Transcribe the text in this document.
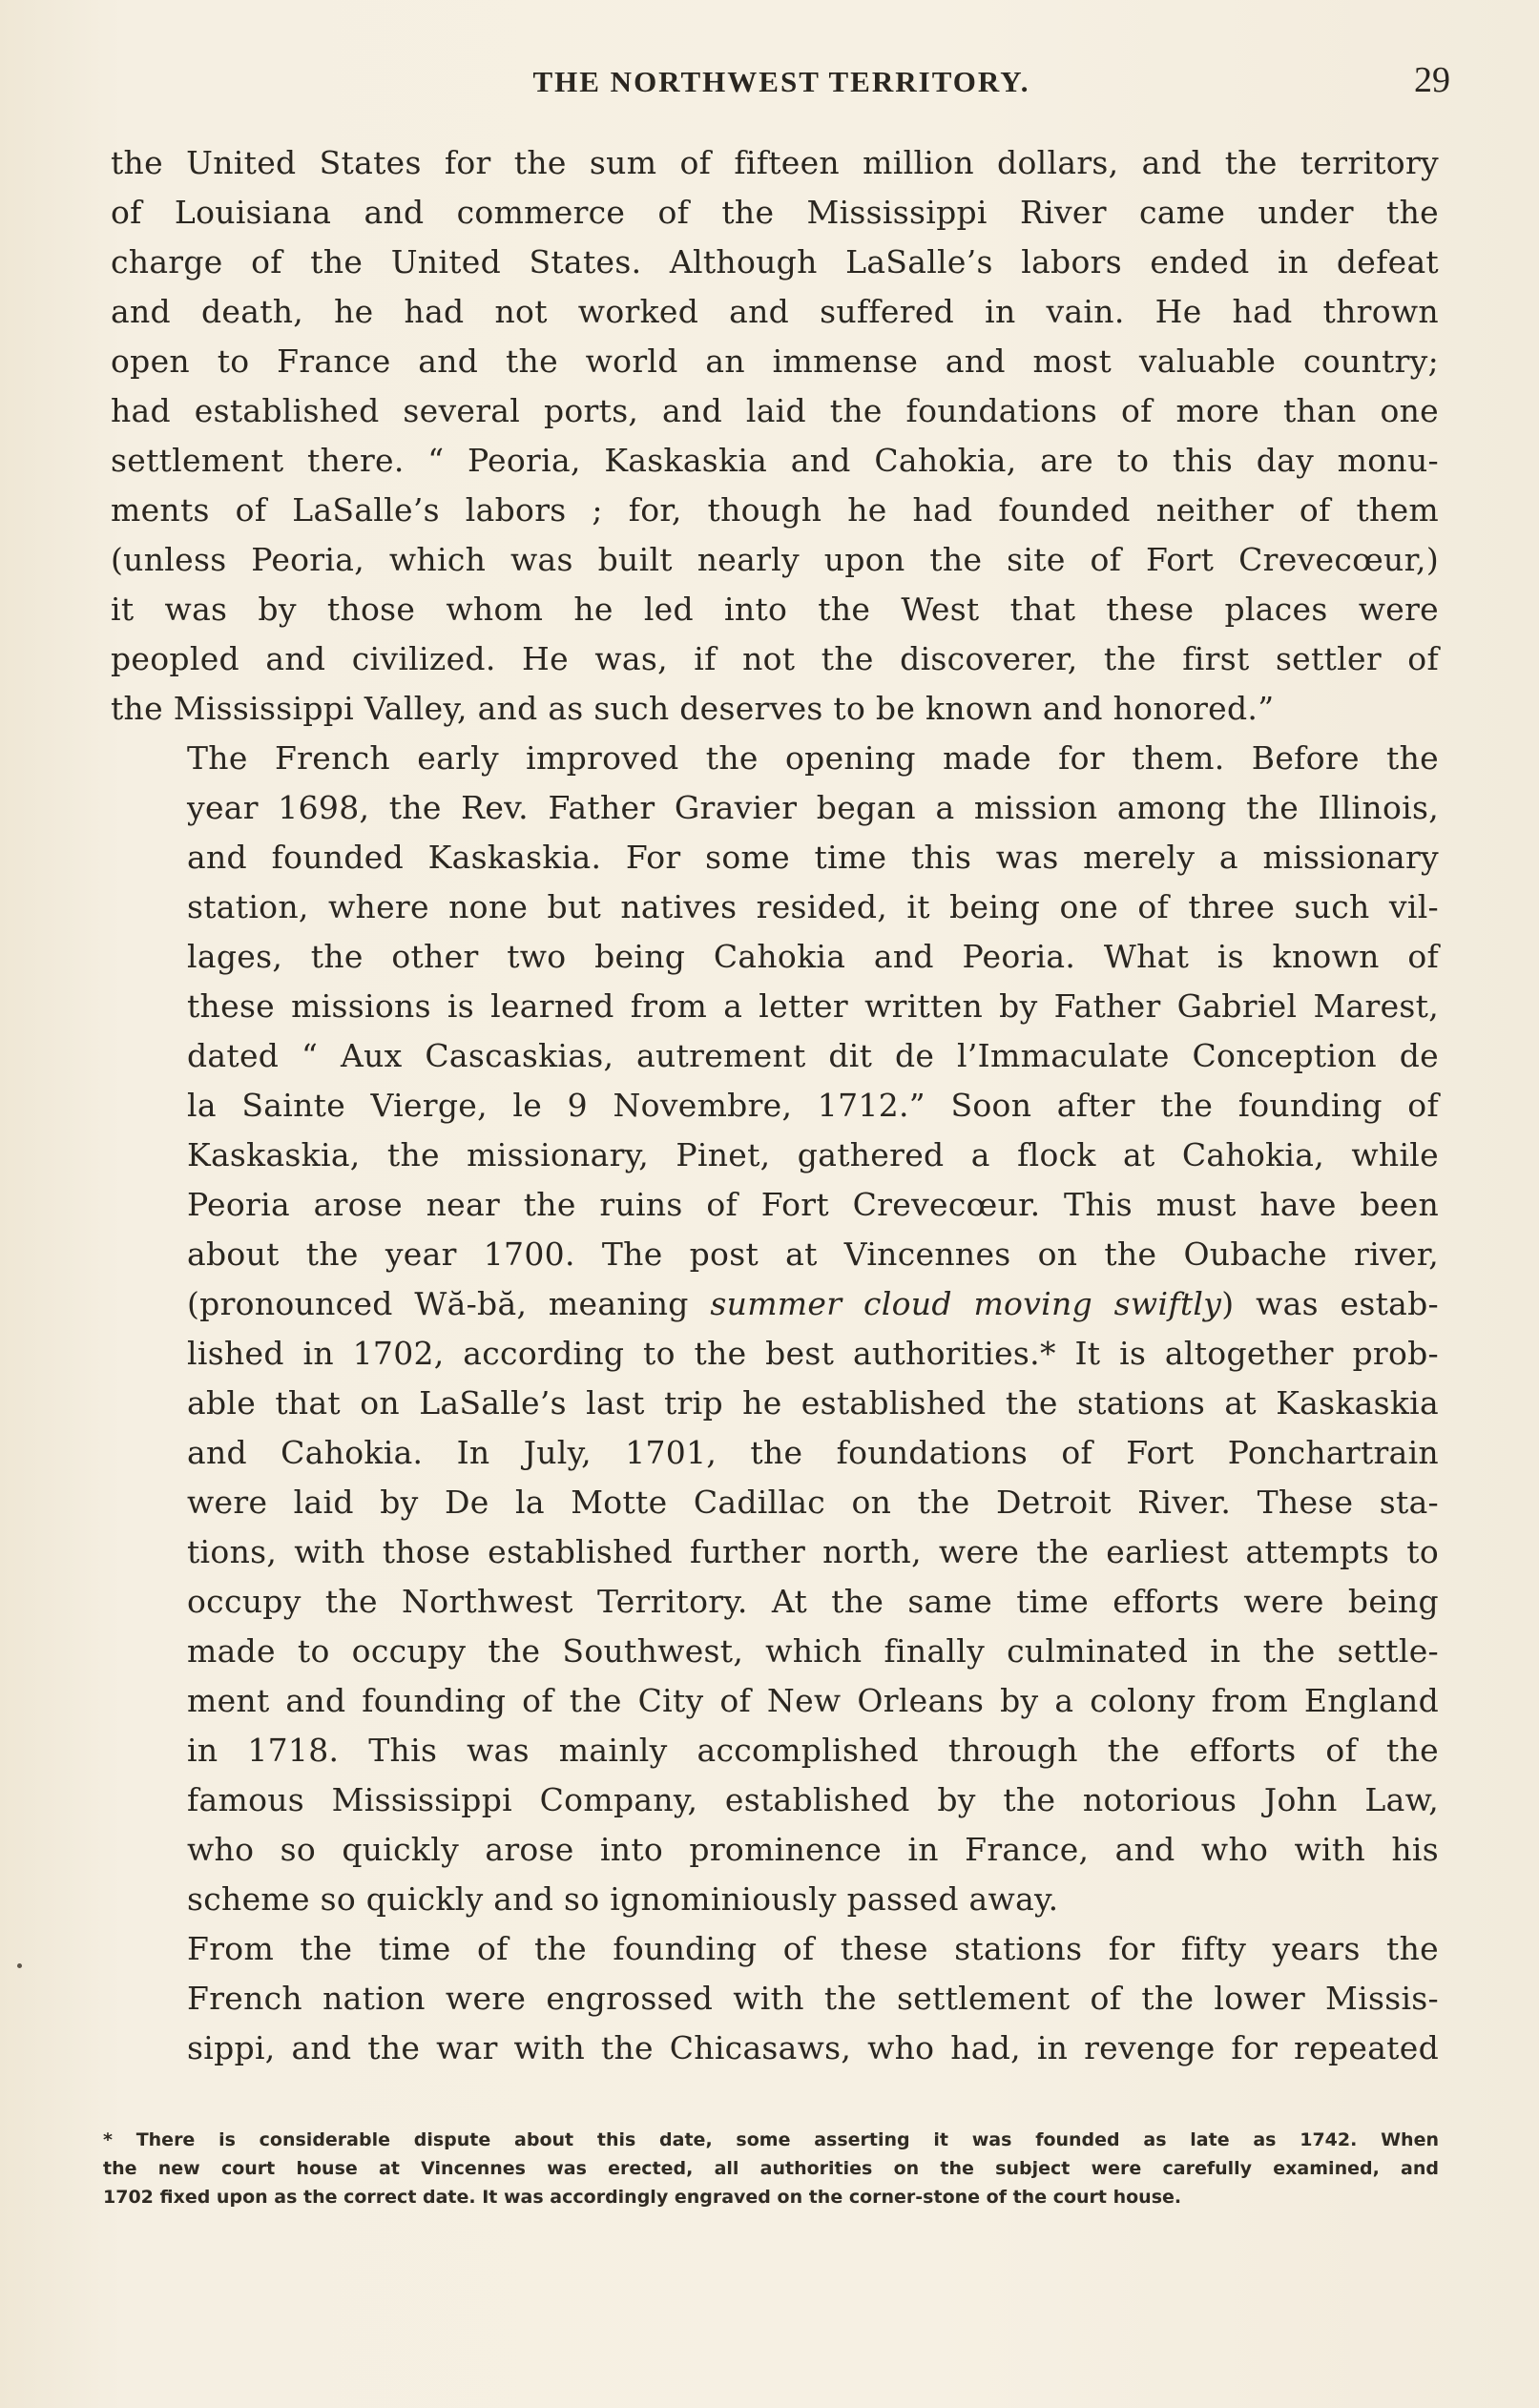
THE NORTHWEST TERRITORY.	29
the United States for the sum of fifteen million dollars, and the territory
of Louisiana and commerce of the Mississippi River came under the
charge of the United States. Although LaSalle’s labors ended in defeat
and death, he had not worked and suffered in vain. He had thrown
open to France and the world an immense and most valuable country;
had established several ports, and laid the foundations of more than one
settlement there. “ Peoria, Kaskaskia and Cahokia, are to this day monu-
ments of LaSalle’s labors ; for, though he had founded neither of them
(unless Peoria, which was built nearly upon the site of Fort Crevecœur,)
it was by those whom he led into the West that these places were
peopled and civilized. He was, if not the discoverer, the first settler of
the Mississippi Valley, and as such deserves to be known and honored.”
The French early improved the opening made for them. Before the
year 1698, the Rev. Father Gravier began a mission among the Illinois,
and founded Kaskaskia. For some time this was merely a missionary
station, where none but natives resided, it being one of three such vil-
lages, the other two being Cahokia and Peoria. What is known of
these missions is learned from a letter written by Father Gabriel Marest,
dated “ Aux Cascaskias, autrement dit de l’Immaculate Conception de
la Sainte Vierge, le 9 Novembre, 1712.” Soon after the founding of
Kaskaskia, the missionary, Pinet, gathered a flock at Cahokia, while
Peoria arose near the ruins of Fort Crevecœur. This must have been
about the year 1700. The post at Vincennes on the Oubache river,
(pronounced Wă-bă, meaning summer cloud moving swiftly) was estab-
lished in 1702, according to the best authorities.* It is altogether prob-
able that on LaSalle’s last trip he established the stations at Kaskaskia
and Cahokia. In July, 1701, the foundations of Fort Ponchartrain
were laid by De la Motte Cadillac on the Detroit River. These sta-
tions, with those established further north, were the earliest attempts to
occupy the Northwest Territory. At the same time efforts were being
made to occupy the Southwest, which finally culminated in the settle-
ment and founding of the City of New Orleans by a colony from England
in 1718. This was mainly accomplished through the efforts of the
famous Mississippi Company, established by the notorious John Law,
who so quickly arose into prominence in France, and who with his
scheme so quickly and so ignominiously passed away.
From the time of the founding of these stations for fifty years the
French nation were engrossed with the settlement of the lower Missis-
sippi, and the war with the Chicasaws, who had, in revenge for repeated
* There is considerable dispute about this date, some asserting it was founded as late as 1742. When
the new court house at Vincennes was erected, all authorities on the subject were carefully examined, and
1702 fixed upon as the correct date. It was accordingly engraved on the corner-stone of the court house.
